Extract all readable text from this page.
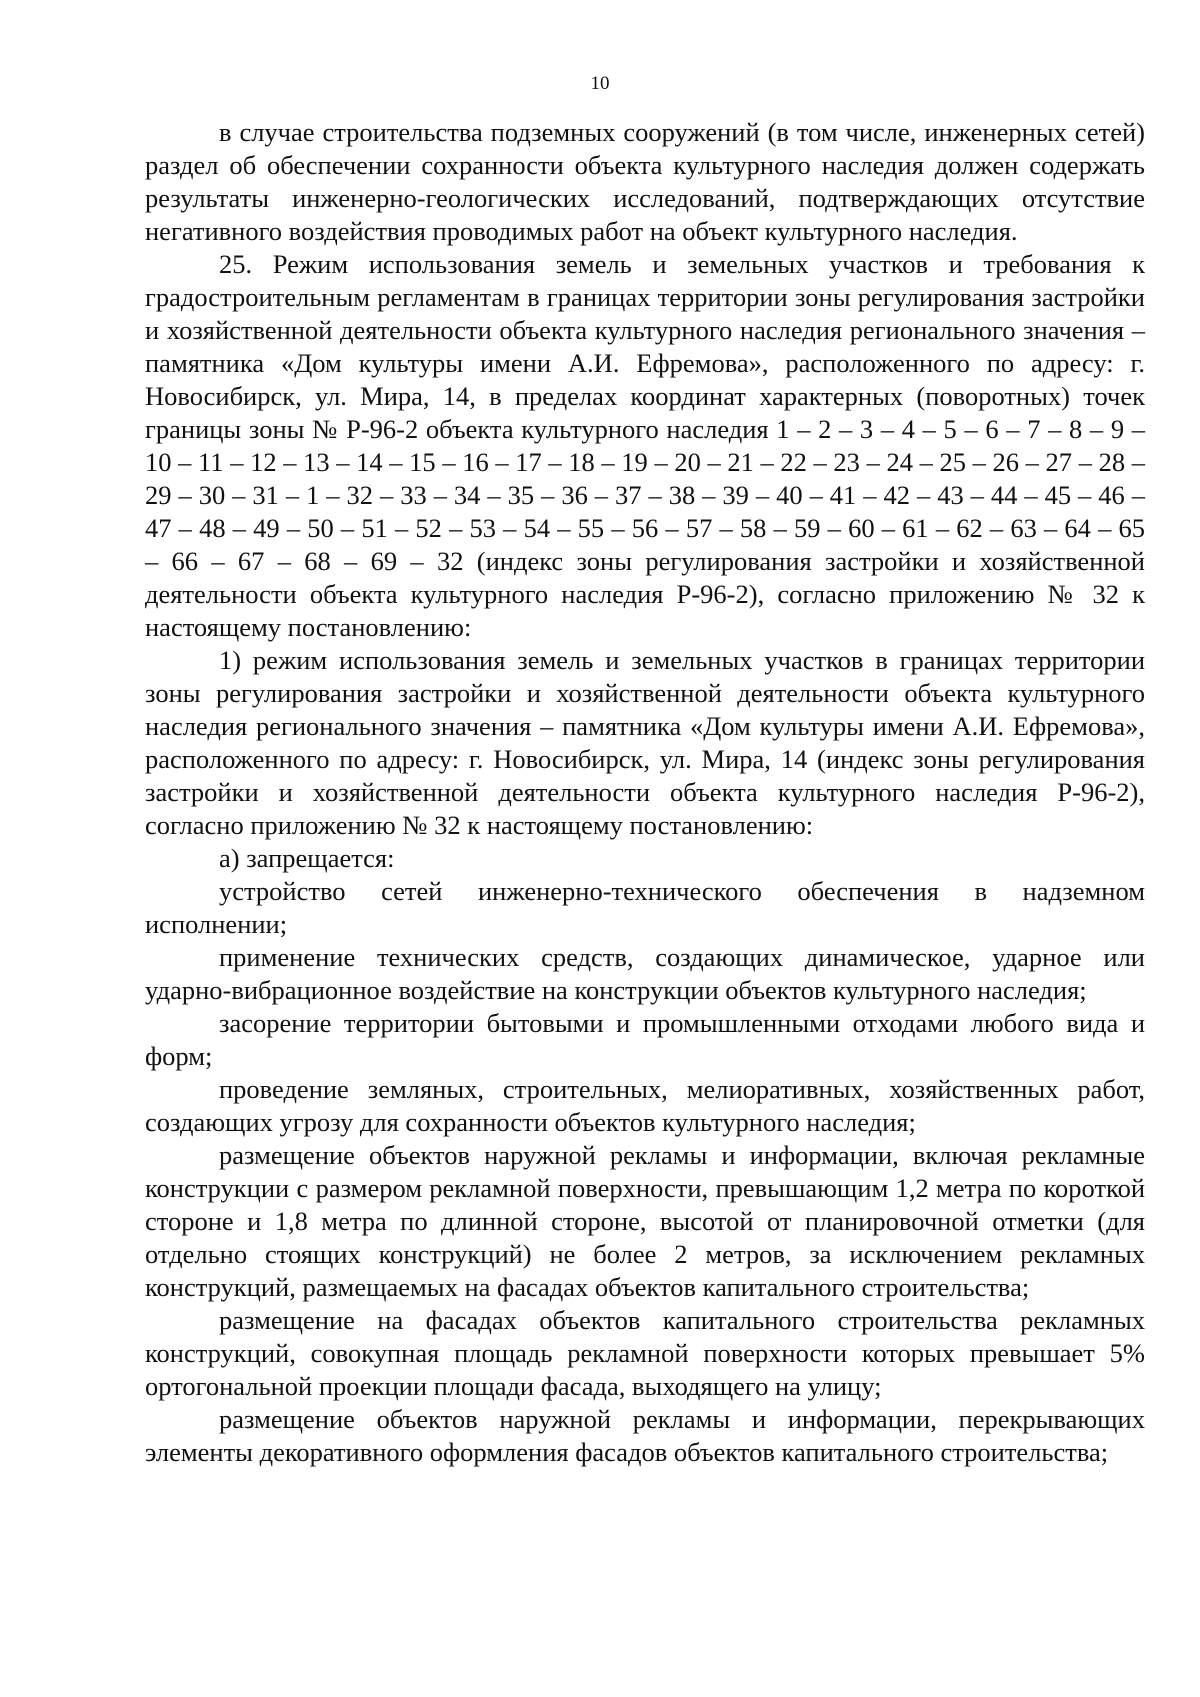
10

в случае строительства подземных сооружений (в том числе, инженерных сетей) раздел об обеспечении сохранности объекта культурного наследия должен содержать результаты инженерно-геологических исследований, подтверждающих отсутствие негативного воздействия проводимых работ на объект культурного наследия.

25. Режим использования земель и земельных участков и требования к градостроительным регламентам в границах территории зоны регулирования застройки и хозяйственной деятельности объекта культурного наследия регионального значения – памятника «Дом культуры имени А.И. Ефремова», расположенного по адресу: г. Новосибирск, ул. Мира, 14, в пределах координат характерных (поворотных) точек границы зоны № Р-96-2 объекта культурного наследия 1 – 2 – 3 – 4 – 5 – 6 – 7 – 8 – 9 – 10 – 11 – 12 – 13 – 14 – 15 – 16 – 17 – 18 – 19 – 20 – 21 – 22 – 23 – 24 – 25 – 26 – 27 – 28 – 29 – 30 – 31 – 1 – 32 – 33 – 34 – 35 – 36 – 37 – 38 – 39 – 40 – 41 – 42 – 43 – 44 – 45 – 46 – 47 – 48 – 49 – 50 – 51 – 52 – 53 – 54 – 55 – 56 – 57 – 58 – 59 – 60 – 61 – 62 – 63 – 64 – 65 – 66 – 67 – 68 – 69 – 32 (индекс зоны регулирования застройки и хозяйственной деятельности объекта культурного наследия Р-96-2), согласно приложению № 32 к настоящему постановлению:

1) режим использования земель и земельных участков в границах территории зоны регулирования застройки и хозяйственной деятельности объекта культурного наследия регионального значения – памятника «Дом культуры имени А.И. Ефремова», расположенного по адресу: г. Новосибирск, ул. Мира, 14 (индекс зоны регулирования застройки и хозяйственной деятельности объекта культурного наследия Р-96-2), согласно приложению № 32 к настоящему постановлению:

а) запрещается:

устройство сетей инженерно-технического обеспечения в надземном исполнении;

применение технических средств, создающих динамическое, ударное или ударно-вибрационное воздействие на конструкции объектов культурного наследия;

засорение территории бытовыми и промышленными отходами любого вида и форм;

проведение земляных, строительных, мелиоративных, хозяйственных работ, создающих угрозу для сохранности объектов культурного наследия;

размещение объектов наружной рекламы и информации, включая рекламные конструкции с размером рекламной поверхности, превышающим 1,2 метра по короткой стороне и 1,8 метра по длинной стороне, высотой от планировочной отметки (для отдельно стоящих конструкций) не более 2 метров, за исключением рекламных конструкций, размещаемых на фасадах объектов капитального строительства;

размещение на фасадах объектов капитального строительства рекламных конструкций, совокупная площадь рекламной поверхности которых превышает 5% ортогональной проекции площади фасада, выходящего на улицу;

размещение объектов наружной рекламы и информации, перекрывающих элементы декоративного оформления фасадов объектов капитального строительства;
